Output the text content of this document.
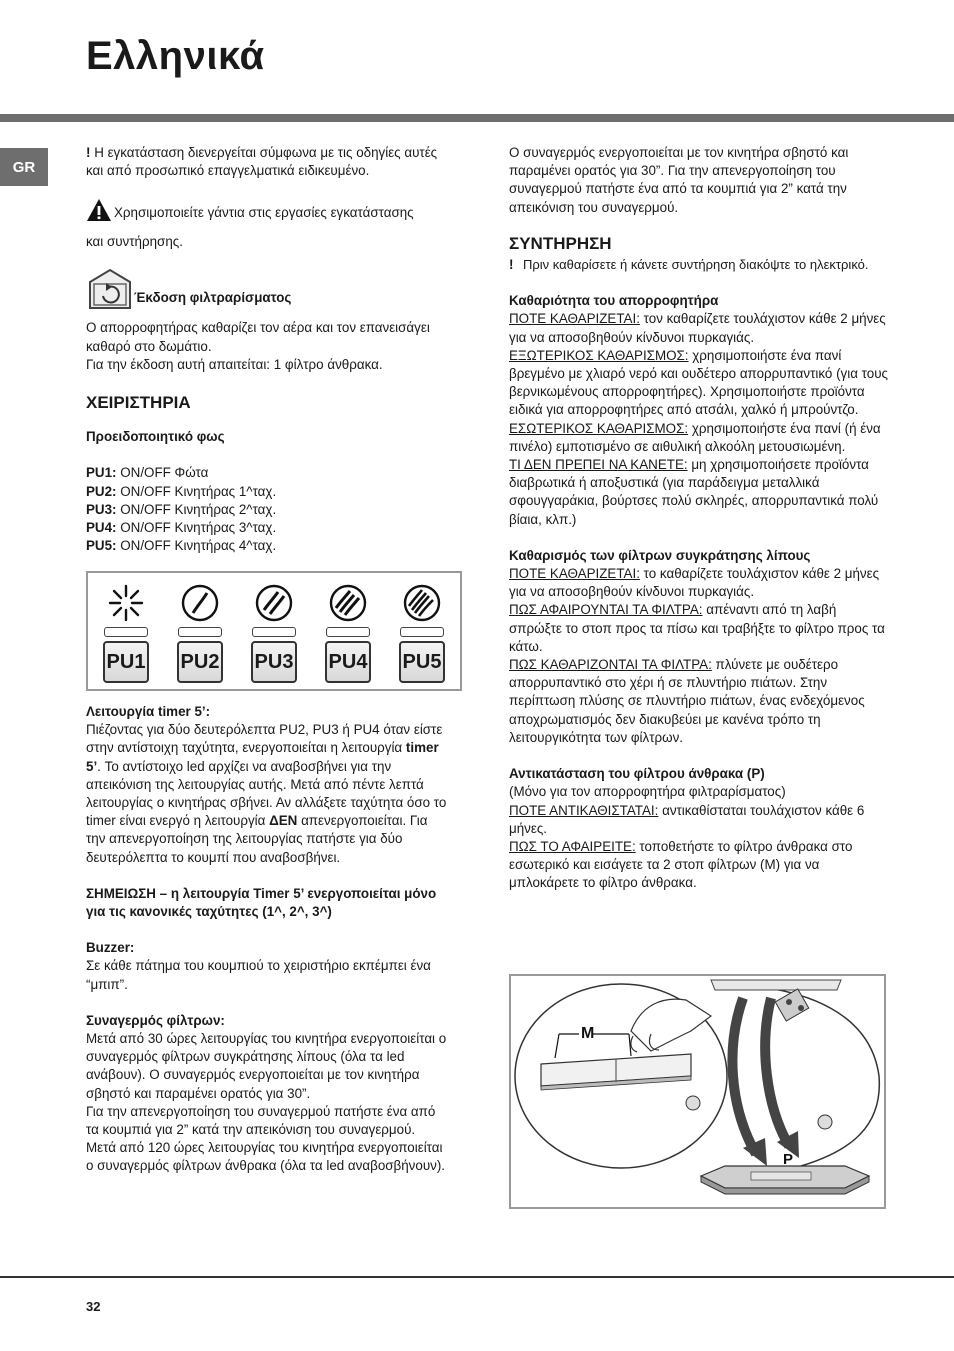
Ελληνικά
GR

! Η εγκατάσταση διενεργείται σύμφωνα με τις οδηγίες αυτές και από προσωπικό επαγγελματικά ειδικευμένο.

Χρησιμοποιείτε γάντια στις εργασίες εγκατάστασης
και συντήρησης.

Έκδοση φιλτραρίσματος

Ο απορροφητήρας καθαρίζει τον αέρα και τον επανεισάγει καθαρό στο δωμάτιο.

Για την έκδοση αυτή απαιτείται: 1 φίλτρο άνθρακα.

ΧΕΙΡΙΣΤΗΡΙΑ

Προειδοποιητικό φως

PU1: ON/OFF Φώτα

PU2: ON/OFF Κινητήρας 1^ταχ.

PU3: ON/OFF Κινητήρας 2^ταχ.

PU4: ON/OFF Κινητήρας 3^ταχ.

PU5: ON/OFF Κινητήρας 4^ταχ.

PU1 PU2 PU3 PU4 PU5

Λειτουργία timer 5’:

Πιέζοντας για δύο δευτερόλεπτα PU2, PU3 ή PU4 όταν είστε στην αντίστοιχη ταχύτητα, ενεργοποιείται η λειτουργία timer 5’. Το αντίστοιχο led αρχίζει να αναβοσβήνει για την απεικόνιση της λειτουργίας αυτής. Μετά από πέντε λεπτά λειτουργίας ο κινητήρας σβήνει. Αν αλλάξετε ταχύτητα όσο το timer είναι ενεργό η λειτουργία ΔΕΝ απενεργοποιείται. Για την απενεργοποίηση της λειτουργίας πατήστε για δύο δευτερόλεπτα το κουμπί που αναβοσβήνει.

ΣΗΜΕΙΩΣΗ – η λειτουργία Timer 5’ ενεργοποιείται μόνο για τις κανονικές ταχύτητες (1^, 2^, 3^)

Buzzer:

Σε κάθε πάτημα του κουμπιού το χειριστήριο εκπέμπει ένα “μπιπ”.

Συναγερμός φίλτρων:

Μετά από 30 ώρες λειτουργίας του κινητήρα ενεργοποιείται ο συναγερμός φίλτρων συγκράτησης λίπους (όλα τα led ανάβουν). Ο συναγερμός ενεργοποιείται με τον κινητήρα σβηστό και παραμένει ορατός για 30”.

Για την απενεργοποίηση του συναγερμού πατήστε ένα από τα κουμπιά για 2” κατά την απεικόνιση του συναγερμού.

Μετά από 120 ώρες λειτουργίας του κινητήρα ενεργοποιείται ο συναγερμός φίλτρων άνθρακα (όλα τα led αναβοσβήνουν).

Ο συναγερμός ενεργοποιείται με τον κινητήρα σβηστό και παραμένει ορατός για 30”. Για την απενεργοποίηση του συναγερμού πατήστε ένα από τα κουμπιά για 2” κατά την απεικόνιση του συναγερμού.

ΣΥΝΤΗΡΗΣΗ

! Πριν καθαρίσετε ή κάνετε συντήρηση διακόψτε το ηλεκτρικό.

Καθαριότητα του απορροφητήρα

ΠΟΤΕ ΚΑΘΑΡΙΖΕΤΑΙ: τον καθαρίζετε τουλάχιστον κάθε 2 μήνες για να αποσοβηθούν κίνδυνοι πυρκαγιάς.

ΕΞΩΤΕΡΙΚΟΣ ΚΑΘΑΡΙΣΜΟΣ: χρησιμοποιήστε ένα πανί βρεγμένο με χλιαρό νερό και ουδέτερο απορρυπαντικό (για τους βερνικωμένους απορροφητήρες). Χρησιμοποιήστε προϊόντα ειδικά για απορροφητήρες από ατσάλι, χαλκό ή μπρούντζο.

ΕΣΩΤΕΡΙΚΟΣ ΚΑΘΑΡΙΣΜΟΣ: χρησιμοποιήστε ένα πανί (ή ένα πινέλο) εμποτισμένο σε αιθυλική αλκοόλη μετουσιωμένη.

ΤΙ ΔΕΝ ΠΡΕΠΕΙ ΝΑ ΚΑΝΕΤΕ: μη χρησιμοποιήσετε προϊόντα διαβρωτικά ή αποξυστικά (για παράδειγμα μεταλλικά σφουγγαράκια, βούρτσες πολύ σκληρές, απορρυπαντικά πολύ βίαια, κλπ.)

Καθαρισμός των φίλτρων συγκράτησης λίπους

ΠΟΤΕ ΚΑΘΑΡΙΖΕΤΑΙ: το καθαρίζετε τουλάχιστον κάθε 2 μήνες για να αποσοβηθούν κίνδυνοι πυρκαγιάς.

ΠΩΣ ΑΦΑΙΡΟΥΝΤΑΙ ΤΑ ΦΙΛΤΡΑ: απέναντι από τη λαβή σπρώξτε το στοπ προς τα πίσω και τραβήξτε το φίλτρο προς τα κάτω.

ΠΩΣ ΚΑΘΑΡΙΖΟΝΤΑΙ ΤΑ ΦΙΛΤΡΑ: πλύνετε με ουδέτερο απορρυπαντικό στο χέρι ή σε πλυντήριο πιάτων. Στην περίπτωση πλύσης σε πλυντήριο πιάτων, ένας ενδεχόμενος αποχρωματισμός δεν διακυβεύει με κανένα τρόπο τη λειτουργικότητα των φίλτρων.

Αντικατάσταση του φίλτρου άνθρακα (P)

(Μόνο για τον απορροφητήρα φιλτραρίσματος)

ΠΟΤΕ ΑΝΤΙΚΑΘΙΣΤΑΤΑΙ: αντικαθίσταται τουλάχιστον κάθε 6 μήνες.

ΠΩΣ ΤΟ ΑΦΑΙΡΕΙΤΕ: τοποθετήστε το φίλτρο άνθρακα στο εσωτερικό και εισάγετε τα 2 στοπ φίλτρων (M) για να μπλοκάρετε το φίλτρο άνθρακα.

M
P
32
